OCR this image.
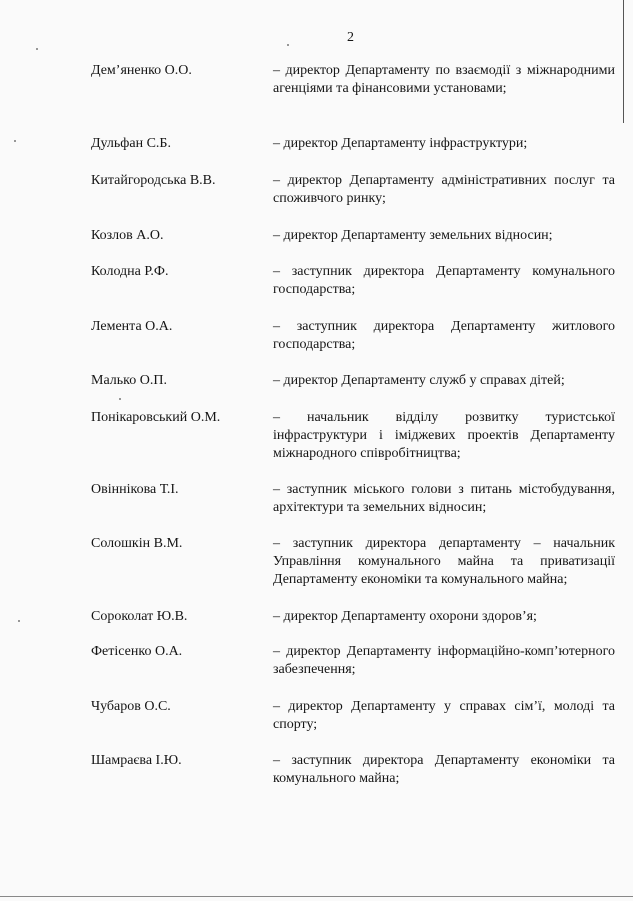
2
Дем’яненко О.О.	– директор Департаменту по взаємодії з міжнародними агенціями та фінансовими установами;
Дульфан С.Б.	– директор Департаменту інфраструктури;
Китайгородська В.В.	– директор Департаменту адміністративних послуг та споживчого ринку;
Козлов А.О.	– директор Департаменту земельних відносин;
Колодна Р.Ф.	– заступник директора Департаменту комунального господарства;
Лемента О.А.	– заступник директора Департаменту житлового господарства;
Малько О.П.	– директор Департаменту служб у справах дітей;
Понікаровський О.М.	– начальник відділу розвитку туристської інфраструктури і іміджевих проектів Департаменту міжнародного співробітництва;
Овіннікова Т.І.	– заступник міського голови з питань містобудування, архітектури та земельних відносин;
Солошкін В.М.	– заступник директора департаменту – начальник Управління комунального майна та приватизації Департаменту економіки та комунального майна;
Сороколат Ю.В.	– директор Департаменту охорони здоров’я;
Фетісенко О.А.	– директор Департаменту інформаційно-комп’ютерного забезпечення;
Чубаров О.С.	– директор Департаменту у справах сім’ї, молоді та спорту;
Шамраєва І.Ю.	– заступник директора Департаменту економіки та комунального майна;
